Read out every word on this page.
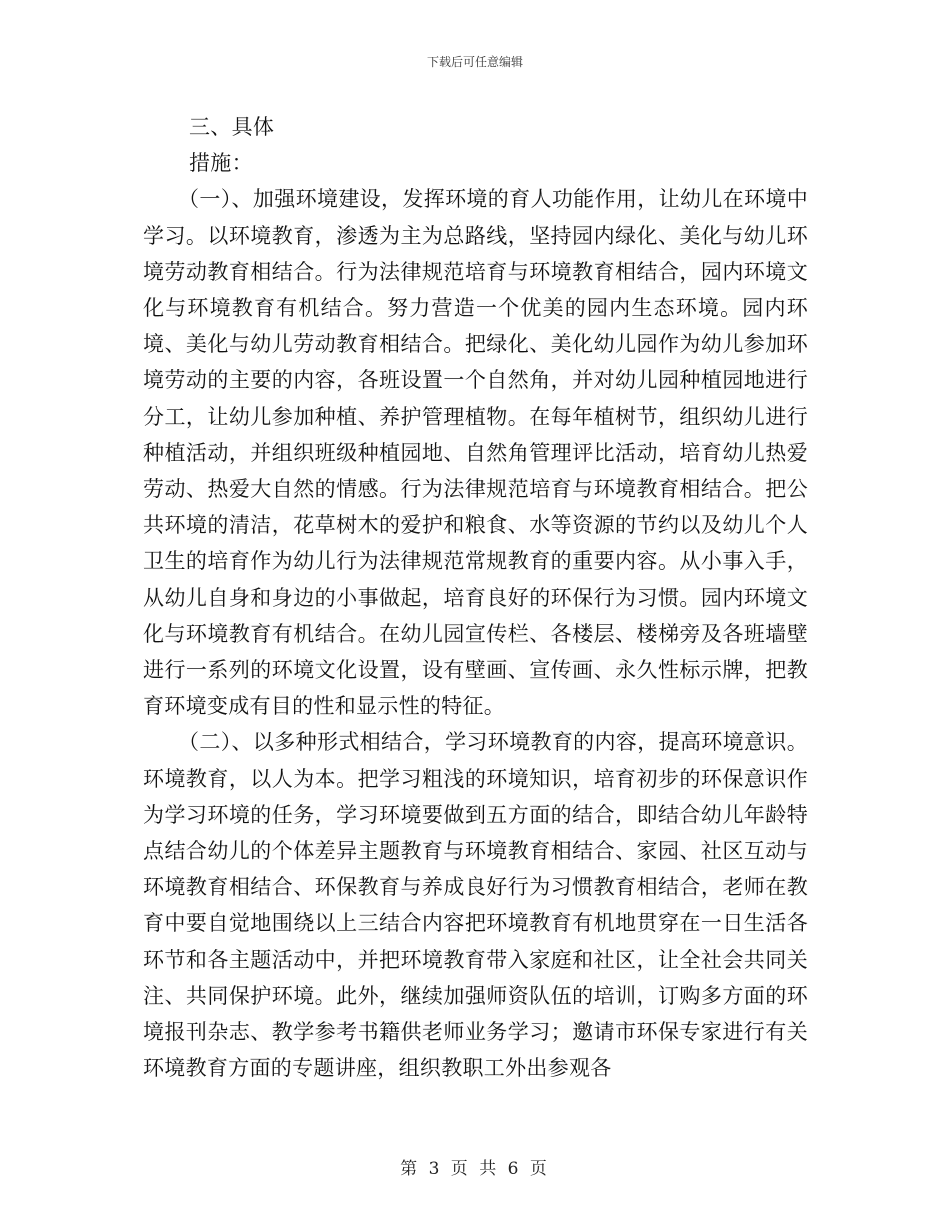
下载后可任意编辑

三、具体

措施：

（一）、加强环境建设，发挥环境的育人功能作用，让幼儿在环境中学习。以环境教育，渗透为主为总路线，坚持园内绿化、美化与幼儿环境劳动教育相结合。行为法律规范培育与环境教育相结合，园内环境文化与环境教育有机结合。努力营造一个优美的园内生态环境。园内环境、美化与幼儿劳动教育相结合。把绿化、美化幼儿园作为幼儿参加环境劳动的主要的内容，各班设置一个自然角，并对幼儿园种植园地进行分工，让幼儿参加种植、养护管理植物。在每年植树节，组织幼儿进行种植活动，并组织班级种植园地、自然角管理评比活动，培育幼儿热爱劳动、热爱大自然的情感。行为法律规范培育与环境教育相结合。把公共环境的清洁，花草树木的爱护和粮食、水等资源的节约以及幼儿个人卫生的培育作为幼儿行为法律规范常规教育的重要内容。从小事入手，从幼儿自身和身边的小事做起，培育良好的环保行为习惯。园内环境文化与环境教育有机结合。在幼儿园宣传栏、各楼层、楼梯旁及各班墙壁进行一系列的环境文化设置，设有壁画、宣传画、永久性标示牌，把教育环境变成有目的性和显示性的特征。

（二）、以多种形式相结合，学习环境教育的内容，提高环境意识。环境教育，以人为本。把学习粗浅的环境知识，培育初步的环保意识作为学习环境的任务，学习环境要做到五方面的结合，即结合幼儿年龄特点结合幼儿的个体差异主题教育与环境教育相结合、家园、社区互动与环境教育相结合、环保教育与养成良好行为习惯教育相结合，老师在教育中要自觉地围绕以上三结合内容把环境教育有机地贯穿在一日生活各环节和各主题活动中，并把环境教育带入家庭和社区，让全社会共同关注、共同保护环境。此外，继续加强师资队伍的培训，订购多方面的环境报刊杂志、教学参考书籍供老师业务学习；邀请市环保专家进行有关环境教育方面的专题讲座，组织教职工外出参观各

第 3 页 共 6 页
